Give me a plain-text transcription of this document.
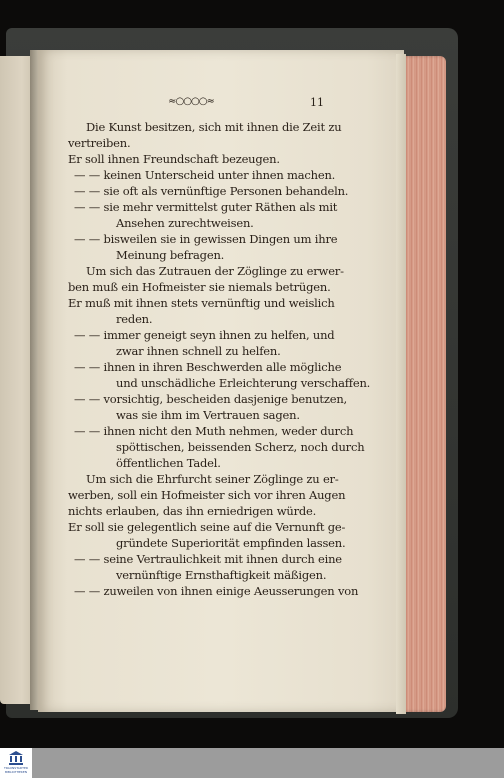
≈○○○○≈	11
Die Kunst besitzen, sich mit ihnen die Zeit zu
vertreiben.
Er soll ihnen Freundschaft bezeugen.
— — keinen Unterscheid unter ihnen machen.
— — sie oft als vernünftige Personen behandeln.
— — sie mehr vermittelst guter Räthen als mit
Ansehen zurechtweisen.
— — bisweilen sie in gewissen Dingen um ihre
Meinung befragen.
Um sich das Zutrauen der Zöglinge zu erwer-
ben muß ein Hofmeister sie niemals betrügen.
Er muß mit ihnen stets vernünftig und weislich
reden.
— — immer geneigt seyn ihnen zu helfen, und
zwar ihnen schnell zu helfen.
— — ihnen in ihren Beschwerden alle mögliche
und unschädliche Erleichterung verschaffen.
— — vorsichtig, bescheiden dasjenige benutzen,
was sie ihm im Vertrauen sagen.
— — ihnen nicht den Muth nehmen, weder durch
spöttischen, beissenden Scherz, noch durch
öffentlichen Tadel.
Um sich die Ehrfurcht seiner Zöglinge zu er-
werben, soll ein Hofmeister sich vor ihren Augen
nichts erlauben, das ihn erniedrigen würde.
Er soll sie gelegentlich seine auf die Vernunft ge-
gründete Superiorität empfinden lassen.
— — seine Vertraulichkeit mit ihnen durch eine
vernünftige Ernsthaftigkeit mäßigen.
— — zuweilen von ihnen einige Aeusserungen von
TRAUNSTADTER
BIBLIOTHEKEN
